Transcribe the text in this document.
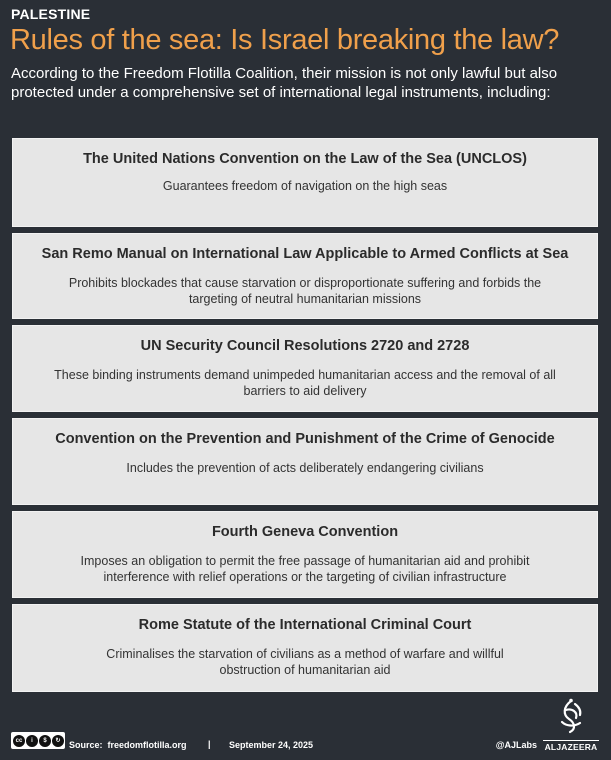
PALESTINE
Rules of the sea: Is Israel breaking the law?
According to the Freedom Flotilla Coalition, their mission is not only lawful but also protected under a comprehensive set of international legal instruments, including:
The United Nations Convention on the Law of the Sea (UNCLOS)
Guarantees freedom of navigation on the high seas
San Remo Manual on International Law Applicable to Armed Conflicts at Sea
Prohibits blockades that cause starvation or disproportionate suffering and forbids the targeting of neutral humanitarian missions
UN Security Council Resolutions 2720 and 2728
These binding instruments demand unimpeded humanitarian access and the removal of all barriers to aid delivery
Convention on the Prevention and Punishment of the Crime of Genocide
Includes the prevention of acts deliberately endangering civilians
Fourth Geneva Convention
Imposes an obligation to permit the free passage of humanitarian aid and prohibit interference with relief operations or the targeting of civilian infrastructure
Rome Statute of the International Criminal Court
Criminalises the starvation of civilians as a method of warfare and willful obstruction of humanitarian aid
cc	i	$	↻ Source: freedomflotilla.org | September 24, 2025	@AJLabs ALJAZEERA
